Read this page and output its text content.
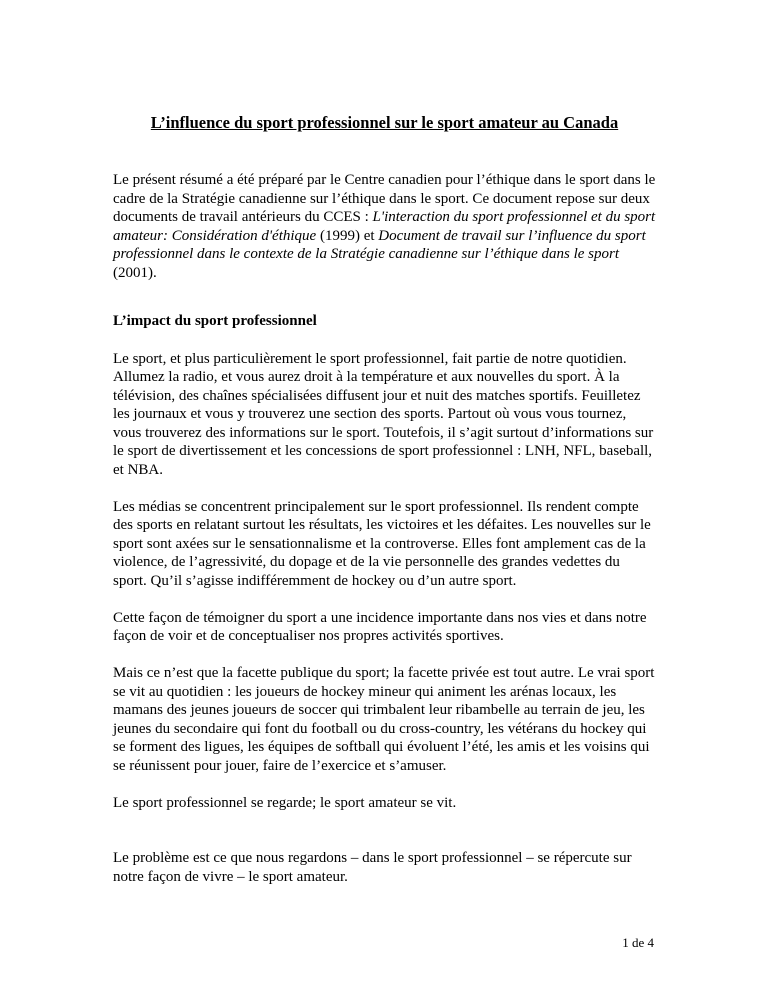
L’influence du sport professionnel sur le sport amateur au Canada

Le présent résumé a été préparé par le Centre canadien pour l’éthique dans le sport dans le cadre de la Stratégie canadienne sur l’éthique dans le sport. Ce document repose sur deux documents de travail antérieurs du CCES : L'interaction du sport professionnel et du sport amateur: Considération d'éthique (1999) et Document de travail sur l’influence du sport professionnel dans le contexte de la Stratégie canadienne sur l’éthique dans le sport (2001).

L’impact du sport professionnel

Le sport, et plus particulièrement le sport professionnel, fait partie de notre quotidien. Allumez la radio, et vous aurez droit à la température et aux nouvelles du sport. À la télévision, des chaînes spécialisées diffusent jour et nuit des matches sportifs. Feuilletez les journaux et vous y trouverez une section des sports. Partout où vous vous tournez, vous trouverez des informations sur le sport. Toutefois, il s’agit surtout d’informations sur le sport de divertissement et les concessions de sport professionnel : LNH, NFL, baseball, et NBA.

Les médias se concentrent principalement sur le sport professionnel. Ils rendent compte des sports en relatant surtout les résultats, les victoires et les défaites. Les nouvelles sur le sport sont axées sur le sensationnalisme et la controverse. Elles font amplement cas de la violence, de l’agressivité, du dopage et de la vie personnelle des grandes vedettes du sport. Qu’il s’agisse indifféremment de hockey ou d’un autre sport.

Cette façon de témoigner du sport a une incidence importante dans nos vies et dans notre façon de voir et de conceptualiser nos propres activités sportives.

Mais ce n’est que la facette publique du sport; la facette privée est tout autre. Le vrai sport se vit au quotidien : les joueurs de hockey mineur qui animent les arénas locaux, les mamans des jeunes joueurs de soccer qui trimbalent leur ribambelle au terrain de jeu, les jeunes du secondaire qui font du football ou du cross-country, les vétérans du hockey qui se forment des ligues, les équipes de softball qui évoluent l’été, les amis et les voisins qui se réunissent pour jouer, faire de l’exercice et s’amuser.

Le sport professionnel se regarde; le sport amateur se vit.

Le problème est ce que nous regardons – dans le sport professionnel – se répercute sur notre façon de vivre – le sport amateur.

1 de 4
